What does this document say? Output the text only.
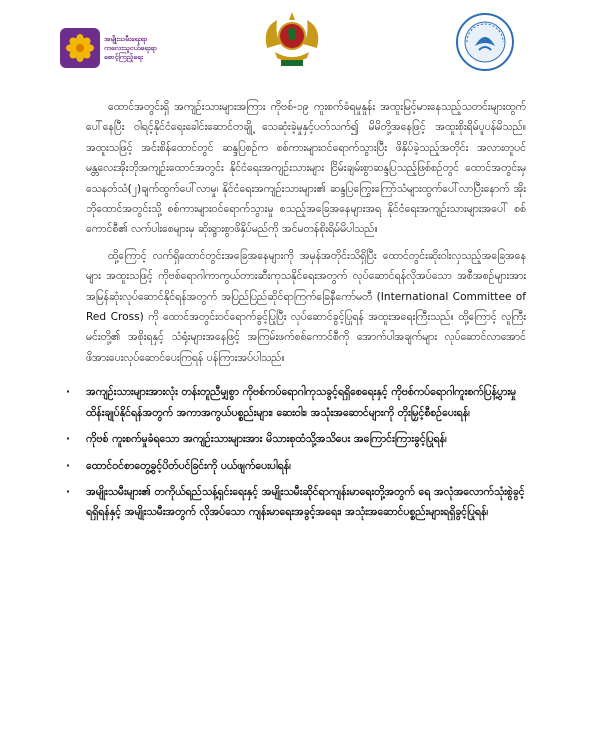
အမျိုးသမီးရေးရာ
ကလေးသူငယ်ရေးရာ
စောင့်ကြည့်ရေး

ထောင်အတွင်းရှိ အကျဉ်းသားများအကြား ကိုဗစ်-၁၉ ကူးစက်ခံရမှုနှုန်း အထူးမြင့်မားနေသည့်သတင်းများထွက်ပေါ်နေပြီး ဝါရင့်နိုင်ငံရေးခေါင်းဆောင်တချို့ သေဆုံးခဲ့မှုနှင့်ပတ်သက်၍ မိမိတို့အနေဖြင့် အထူးစိုးရိမ်ပူပန်မိသည်။ အထူးသဖြင့် အင်းစိန်ထောင်တွင် ဆန္ဒပြစဉ်က စစ်ကားများဝင်ရောက်သွားပြီး ဖိနှိပ်ခဲ့သည့်အတိုင်း အလားတူပင် မန္တလေးအိုးဘိုအကျဉ်းထောင်အတွင်း နိုင်ငံရေးအကျဉ်းသားများ ငြိမ်းချမ်းစွာဆန္ဒပြသည့်ဖြစ်စဉ်တွင် ထောင်အတွင်းမှ သေနတ်သံ(၂)ချက်ထွက်ပေါ်လာမှု၊ နိုင်ငံရေးအကျဉ်းသားများ၏ ဆန္ဒပြကြွေးကြော်သံများထွက်ပေါ်လာပြီးနောက် အိုးဘိုထောင်အတွင်းသို့ စစ်ကားများဝင်ရောက်သွားမှု စသည့်အခြေအနေများအရ နိုင်ငံရေးအကျဉ်းသားများအပေါ် စစ်ကောင်စီ၏ လက်ပါးစေများမှ ဆိုးရွားစွာဖိနှိပ်မည်ကို အင်မတန်စိုးရိမ်မိပါသည်။

ထို့ကြောင့် လက်ရှိထောင်တွင်းအခြေအနေများကို အမှန်အတိုင်းသိရှိပြီး ထောင်တွင်းဆိုးဝါးလှသည့်အခြေအနေများ အထူးသဖြင့် ကိုဗစ်ရောဂါကာကွယ်တားဆီးကုသနိုင်ရေးအတွက် လုပ်ဆောင်ရန်လိုအပ်သော အစီအစဉ်များအား အမြန်ဆုံးလုပ်ဆောင်နိုင်ရန်အတွက် အပြည်ပြည်ဆိုင်ရာကြက်ခြေနီကော်မတီ (International Committee of Red Cross) ကို ထောင်အတွင်းဝင်ရောက်ခွင့်ပြုပြီး လုပ်ဆောင်ခွင့်ပြုရန် အထူးအရေးကြီးသည်။ ထို့ကြောင့် လူကြီးမင်းတို့၏ အစိုးရနှင့် သံရုံးများအနေဖြင့် အကြမ်းဖက်စစ်ကောင်စီကို အောက်ပါအချက်များ လုပ်ဆောင်လာအောင် ဖိအားပေးလုပ်ဆောင်ပေးကြရန် ပန်ကြားအပ်ပါသည်။

· အကျဉ်းသားများအားလုံး တန်းတူညီမျှစွာ ကိုဗစ်ကပ်ရောဂါကုသခွင့်ရရှိစေရေးနှင့် ကိုဗစ်ကပ်ရောဂါကူးစက်ပြန့်ပွားမှုထိန်းချုပ်နိုင်ရန်အတွက် အကာအကွယ်ပစ္စည်းများ၊ ဆေးဝါး၊ အသုံးအဆောင်များကို တိုးမြှင့်စီစဉ်ပေးရန်၊
· ကိုဗစ် ကူးစက်မှုခံရသော အကျဉ်းသားများအား မိသားစုထံသို့အသိပေး အကြောင်းကြားခွင့်ပြုရန်၊
· ထောင်ဝင်စာတွေ့ခွင့်ပိတ်ပင်ခြင်းကို ပယ်ဖျက်ပေးပါရန်၊
· အမျိုးသမီးများ၏ တကိုယ်ရည်သန့်ရှင်းရေးနှင့် အမျိုးသမီးဆိုင်ရာကျန်းမာရေးတို့အတွက် ရေ အလုံအလောက်သုံးစွဲခွင့်ရရှိရန်နှင့် အမျိုးသမီးအတွက် လိုအပ်သော ကျန်းမာရေးအခွင့်အရေး၊ အသုံးအဆောင်ပစ္စည်းများရရှိခွင့်ပြုရန်၊
